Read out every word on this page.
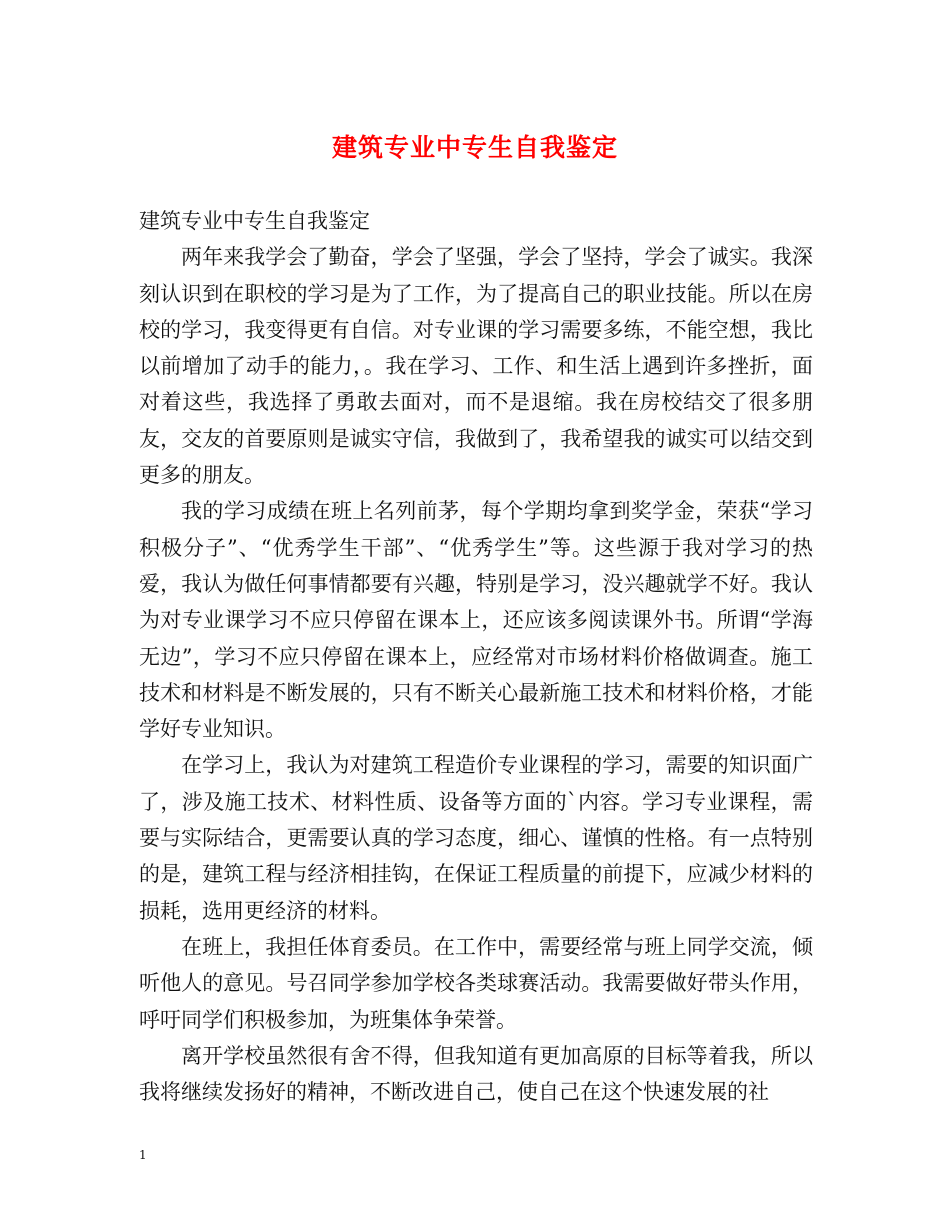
建筑专业中专生自我鉴定

建筑专业中专生自我鉴定

两年来我学会了勤奋，学会了坚强，学会了坚持，学会了诚实。我深刻认识到在职校的学习是为了工作，为了提高自己的职业技能。所以在房校的学习，我变得更有自信。对专业课的学习需要多练，不能空想，我比以前增加了动手的能力，。我在学习、工作、和生活上遇到许多挫折，面对着这些，我选择了勇敢去面对，而不是退缩。我在房校结交了很多朋友，交友的首要原则是诚实守信，我做到了，我希望我的诚实可以结交到更多的朋友。

我的学习成绩在班上名列前茅，每个学期均拿到奖学金，荣获“学习积极分子”、“优秀学生干部”、“优秀学生”等。这些源于我对学习的热爱，我认为做任何事情都要有兴趣，特别是学习，没兴趣就学不好。我认为对专业课学习不应只停留在课本上，还应该多阅读课外书。所谓“学海无边”，学习不应只停留在课本上，应经常对市场材料价格做调查。施工技术和材料是不断发展的，只有不断关心最新施工技术和材料价格，才能学好专业知识。

在学习上，我认为对建筑工程造价专业课程的学习，需要的知识面广了，涉及施工技术、材料性质、设备等方面的`内容。学习专业课程，需要与实际结合，更需要认真的学习态度，细心、谨慎的性格。有一点特别的是，建筑工程与经济相挂钩，在保证工程质量的前提下，应减少材料的损耗，选用更经济的材料。

在班上，我担任体育委员。在工作中，需要经常与班上同学交流，倾听他人的意见。号召同学参加学校各类球赛活动。我需要做好带头作用，呼吁同学们积极参加，为班集体争荣誉。

离开学校虽然很有舍不得，但我知道有更加高原的目标等着我，所以我将继续发扬好的精神，不断改进自己，使自己在这个快速发展的社

1
